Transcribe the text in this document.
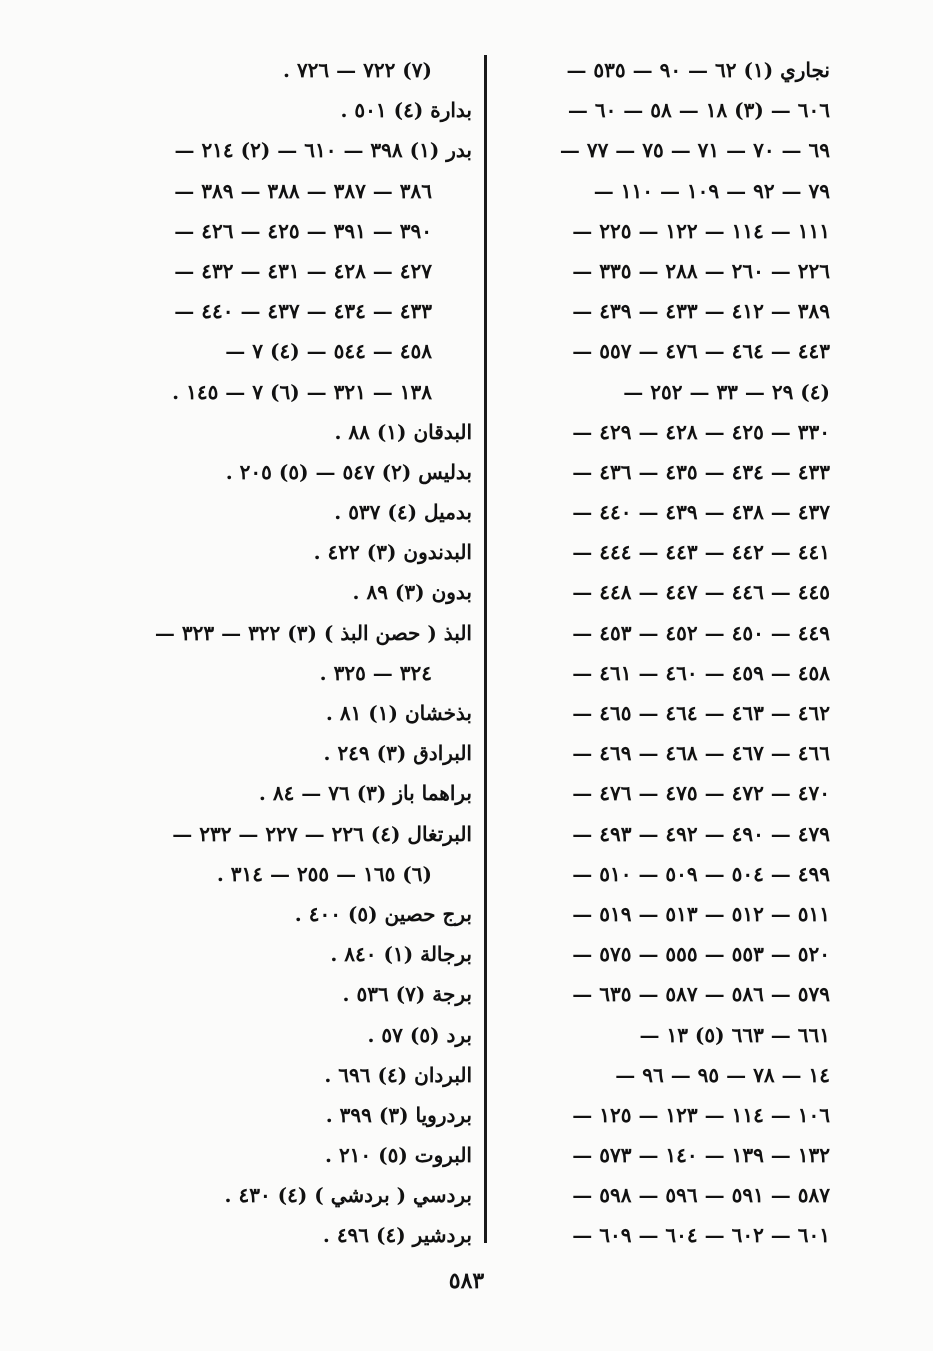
نجاري (١) ٦٢ — ٩٠ — ٥٣٥ —
٦٠٦ — (٣) ١٨ — ٥٨ — ٦٠ —
٦٩ — ٧٠ — ٧١ — ٧٥ — ٧٧ —
٧٩ — ٩٢ — ١٠٩ — ١١٠ —
١١١ — ١١٤ — ١٢٢ — ٢٢٥ —
٢٢٦ — ٢٦٠ — ٢٨٨ — ٣٣٥ —
٣٨٩ — ٤١٢ — ٤٣٣ — ٤٣٩ —
٤٤٣ — ٤٦٤ — ٤٧٦ — ٥٥٧ —
(٤) ٢٩ — ٣٣ — ٢٥٢ —
٣٣٠ — ٤٢٥ — ٤٢٨ — ٤٢٩ —
٤٣٣ — ٤٣٤ — ٤٣٥ — ٤٣٦ —
٤٣٧ — ٤٣٨ — ٤٣٩ — ٤٤٠ —
٤٤١ — ٤٤٢ — ٤٤٣ — ٤٤٤ —
٤٤٥ — ٤٤٦ — ٤٤٧ — ٤٤٨ —
٤٤٩ — ٤٥٠ — ٤٥٢ — ٤٥٣ —
٤٥٨ — ٤٥٩ — ٤٦٠ — ٤٦١ —
٤٦٢ — ٤٦٣ — ٤٦٤ — ٤٦٥ —
٤٦٦ — ٤٦٧ — ٤٦٨ — ٤٦٩ —
٤٧٠ — ٤٧٢ — ٤٧٥ — ٤٧٦ —
٤٧٩ — ٤٩٠ — ٤٩٢ — ٤٩٣ —
٤٩٩ — ٥٠٤ — ٥٠٩ — ٥١٠ —
٥١١ — ٥١٢ — ٥١٣ — ٥١٩ —
٥٢٠ — ٥٥٣ — ٥٥٥ — ٥٧٥ —
٥٧٩ — ٥٨٦ — ٥٨٧ — ٦٣٥ —
٦٦١ — ٦٦٣ (٥) ١٣ —
١٤ — ٧٨ — ٩٥ — ٩٦ —
١٠٦ — ١١٤ — ١٢٣ — ١٢٥ —
١٣٢ — ١٣٩ — ١٤٠ — ٥٧٣ —
٥٨٧ — ٥٩١ — ٥٩٦ — ٥٩٨ —
٦٠١ — ٦٠٢ — ٦٠٤ — ٦٠٩ —
(٧) ٧٢٢ — ٧٢٦ .
بدارة (٤) ٥٠١ .
بدر (١) ٣٩٨ — ٦١٠ — (٢) ٢١٤ —
٣٨٦ — ٣٨٧ — ٣٨٨ — ٣٨٩ —
٣٩٠ — ٣٩١ — ٤٢٥ — ٤٢٦ —
٤٢٧ — ٤٢٨ — ٤٣١ — ٤٣٢ —
٤٣٣ — ٤٣٤ — ٤٣٧ — ٤٤٠ —
٤٥٨ — ٥٤٤ — (٤) ٧ —
١٣٨ — ٣٢١ — (٦) ٧ — ١٤٥ .
البدقان (١) ٨٨ .
بدليس (٢) ٥٤٧ — (٥) ٢٠٥ .
بدميل (٤) ٥٣٧ .
البدندون (٣) ٤٢٢ .
بدون (٣) ٨٩ .
البذ ( حصن البذ ) (٣) ٣٢٢ — ٣٢٣ —
٣٢٤ — ٣٢٥ .
بذخشان (١) ٨١ .
البرادق (٣) ٢٤٩ .
براهما باز (٣) ٧٦ — ٨٤ .
البرتغال (٤) ٢٢٦ — ٢٢٧ — ٢٣٢ —
(٦) ١٦٥ — ٢٥٥ — ٣١٤ .
برج حصين (٥) ٤٠٠ .
برجالة (١) ٨٤٠ .
برجة (٧) ٥٣٦ .
برد (٥) ٥٧ .
البردان (٤) ٦٩٦ .
بردرويا (٣) ٣٩٩ .
البروت (٥) ٢١٠ .
بردسي ( بردشي ) (٤) ٤٣٠ .
بردشير (٤) ٤٩٦ .
٥٨٣
